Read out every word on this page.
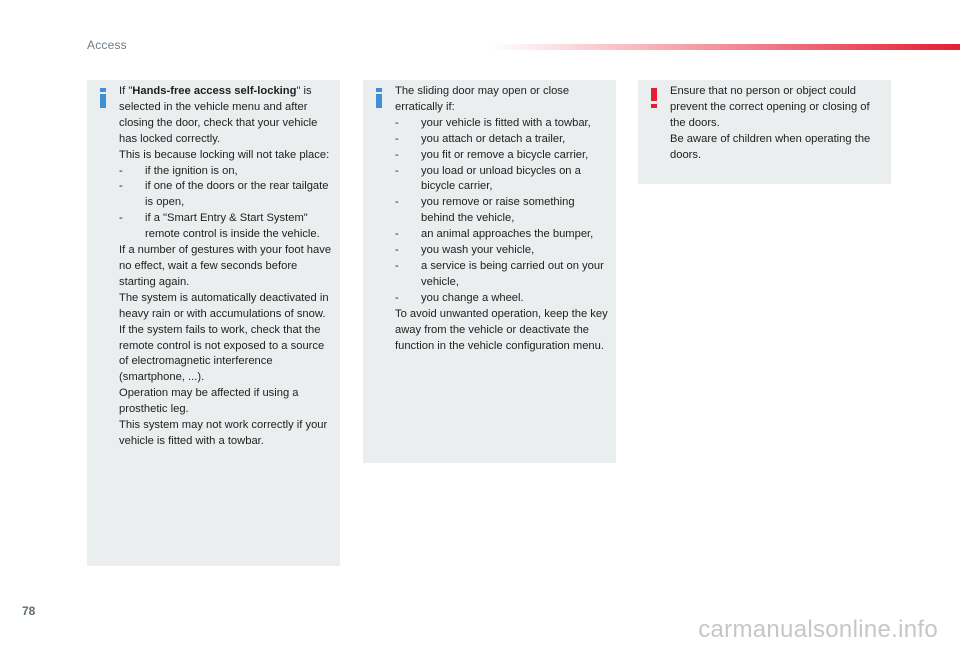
Access
If "Hands-free access self-locking" is selected in the vehicle menu and after closing the door, check that your vehicle has locked correctly.
This is because locking will not take place:
- if the ignition is on,
- if one of the doors or the rear tailgate is open,
- if a "Smart Entry & Start System" remote control is inside the vehicle.
If a number of gestures with your foot have no effect, wait a few seconds before starting again.
The system is automatically deactivated in heavy rain or with accumulations of snow.
If the system fails to work, check that the remote control is not exposed to a source of electromagnetic interference (smartphone, ...).
Operation may be affected if using a prosthetic leg.
This system may not work correctly if your vehicle is fitted with a towbar.
The sliding door may open or close erratically if:
- your vehicle is fitted with a towbar,
- you attach or detach a trailer,
- you fit or remove a bicycle carrier,
- you load or unload bicycles on a bicycle carrier,
- you remove or raise something behind the vehicle,
- an animal approaches the bumper,
- you wash your vehicle,
- a service is being carried out on your vehicle,
- you change a wheel.
To avoid unwanted operation, keep the key away from the vehicle or deactivate the function in the vehicle configuration menu.
Ensure that no person or object could prevent the correct opening or closing of the doors.
Be aware of children when operating the doors.
78
carmanualsonline.info
